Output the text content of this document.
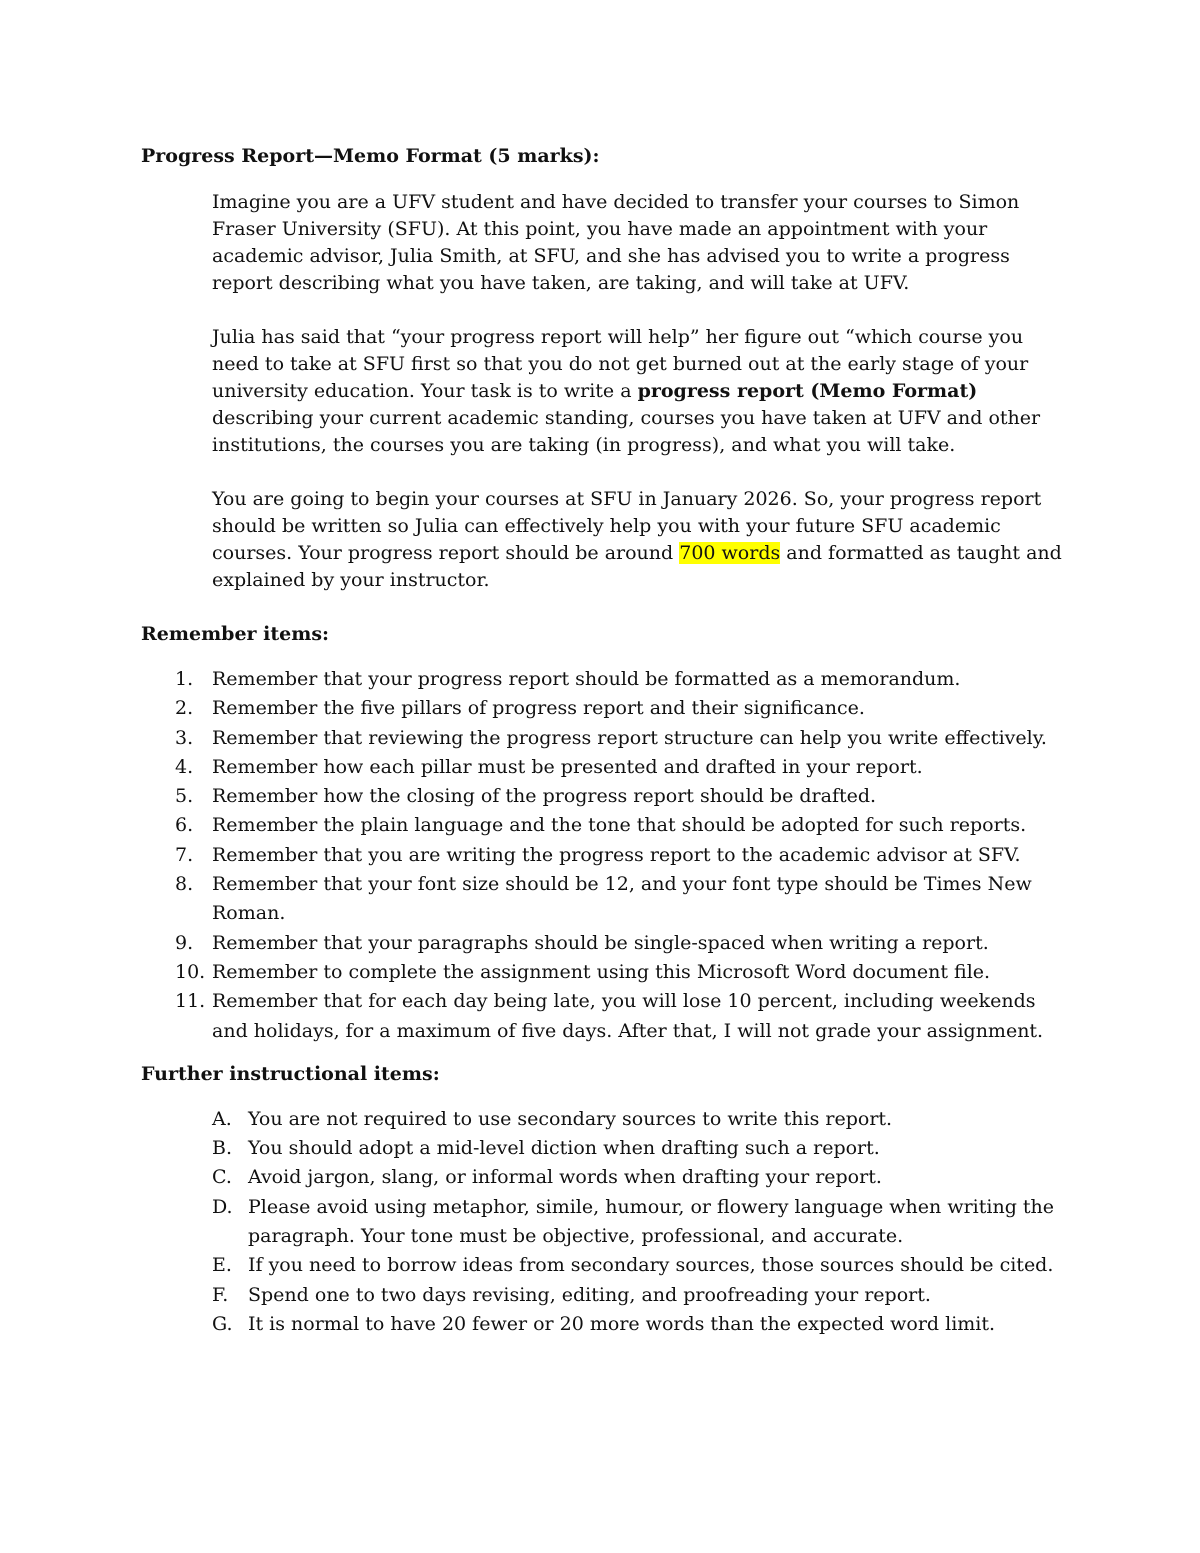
Progress Report—Memo Format (5 marks):

Imagine you are a UFV student and have decided to transfer your courses to Simon Fraser University (SFU). At this point, you have made an appointment with your academic advisor, Julia Smith, at SFU, and she has advised you to write a progress report describing what you have taken, are taking, and will take at UFV.

Julia has said that “your progress report will help” her figure out “which course you need to take at SFU first so that you do not get burned out at the early stage of your university education. Your task is to write a progress report (Memo Format) describing your current academic standing, courses you have taken at UFV and other institutions, the courses you are taking (in progress), and what you will take.

You are going to begin your courses at SFU in January 2026. So, your progress report should be written so Julia can effectively help you with your future SFU academic courses. Your progress report should be around 700 words and formatted as taught and explained by your instructor.

Remember items:
1. Remember that your progress report should be formatted as a memorandum.
2. Remember the five pillars of progress report and their significance.
3. Remember that reviewing the progress report structure can help you write effectively.
4. Remember how each pillar must be presented and drafted in your report.
5. Remember how the closing of the progress report should be drafted.
6. Remember the plain language and the tone that should be adopted for such reports.
7. Remember that you are writing the progress report to the academic advisor at SFV.
8. Remember that your font size should be 12, and your font type should be Times New Roman.
9. Remember that your paragraphs should be single-spaced when writing a report.
10. Remember to complete the assignment using this Microsoft Word document file.
11. Remember that for each day being late, you will lose 10 percent, including weekends and holidays, for a maximum of five days. After that, I will not grade your assignment.
Further instructional items:
A. You are not required to use secondary sources to write this report.
B. You should adopt a mid-level diction when drafting such a report.
C. Avoid jargon, slang, or informal words when drafting your report.
D. Please avoid using metaphor, simile, humour, or flowery language when writing the paragraph. Your tone must be objective, professional, and accurate.
E. If you need to borrow ideas from secondary sources, those sources should be cited.
F. Spend one to two days revising, editing, and proofreading your report.
G. It is normal to have 20 fewer or 20 more words than the expected word limit.
